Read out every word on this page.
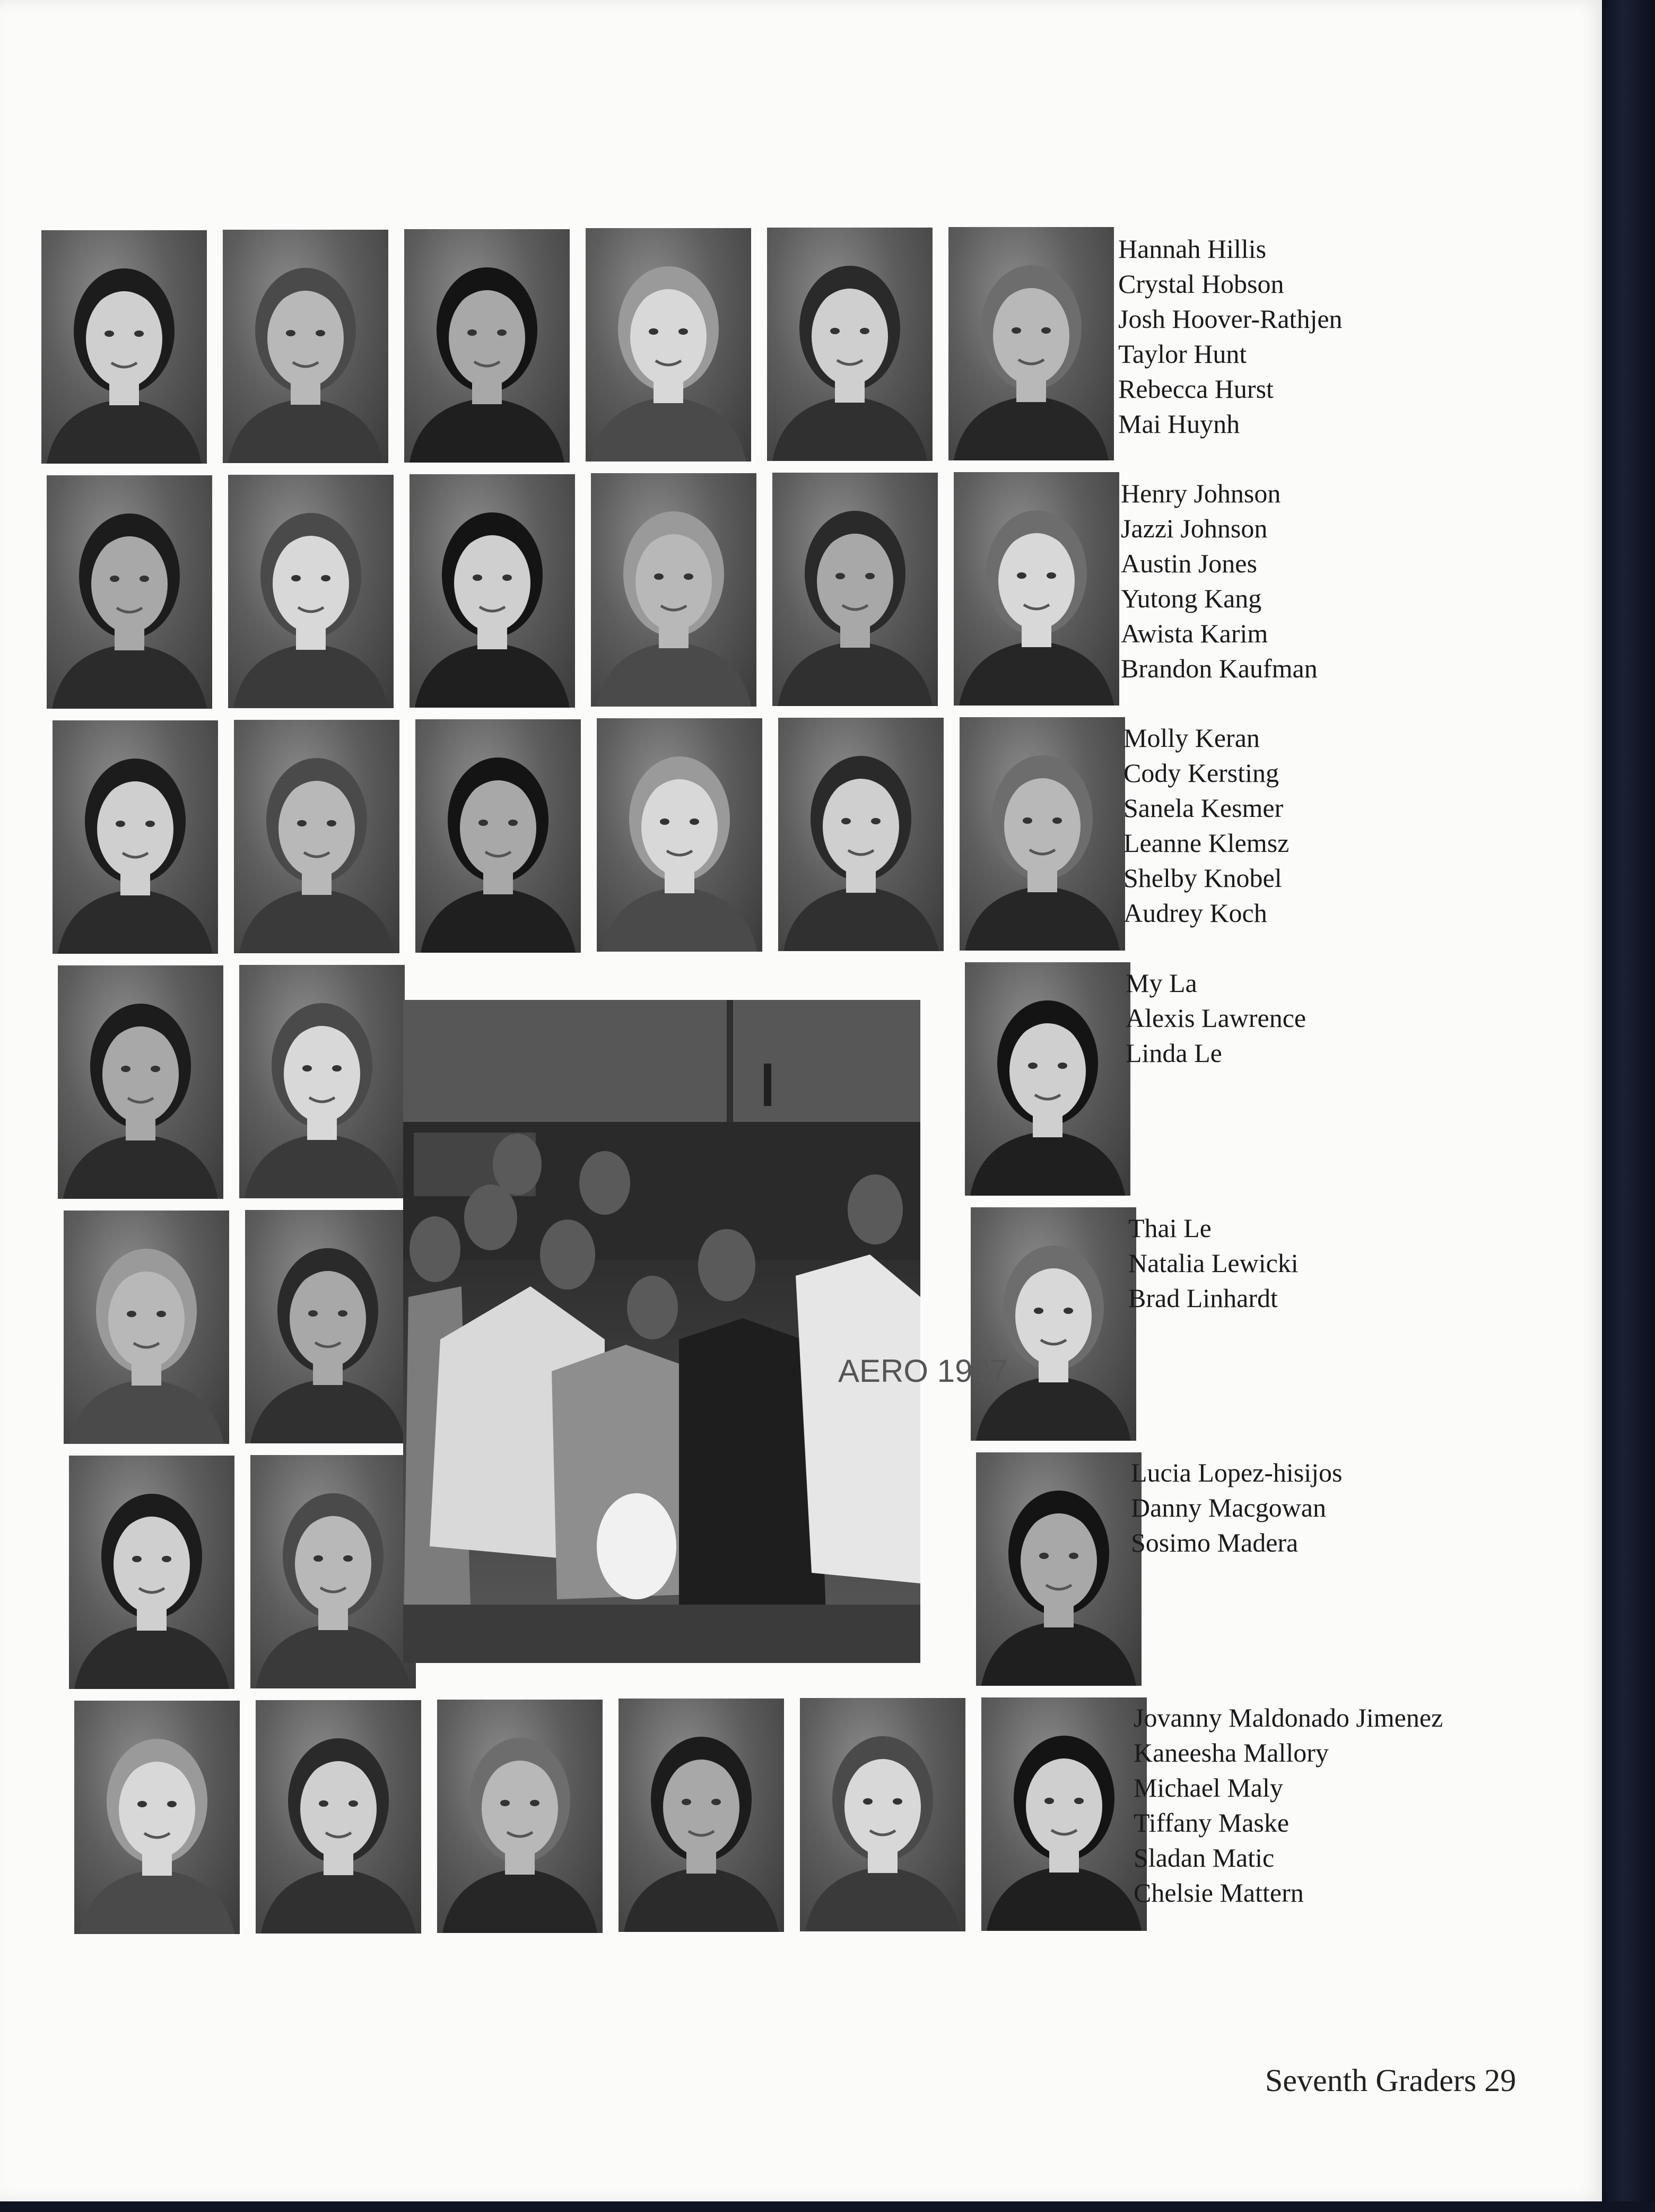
AERO 1987
Hannah Hillis
Crystal Hobson
Josh Hoover-Rathjen
Taylor Hunt
Rebecca Hurst
Mai Huynh
Henry Johnson
Jazzi Johnson
Austin Jones
Yutong Kang
Awista Karim
Brandon Kaufman
Molly Keran
Cody Kersting
Sanela Kesmer
Leanne Klemsz
Shelby Knobel
Audrey Koch
My La
Alexis Lawrence
Linda Le
Thai Le
Natalia Lewicki
Brad Linhardt
Lucia Lopez-hisijos
Danny Macgowan
Sosimo Madera
Jovanny Maldonado Jimenez
Kaneesha Mallory
Michael Maly
Tiffany Maske
Sladan Matic
Chelsie Mattern
Seventh Graders 29
